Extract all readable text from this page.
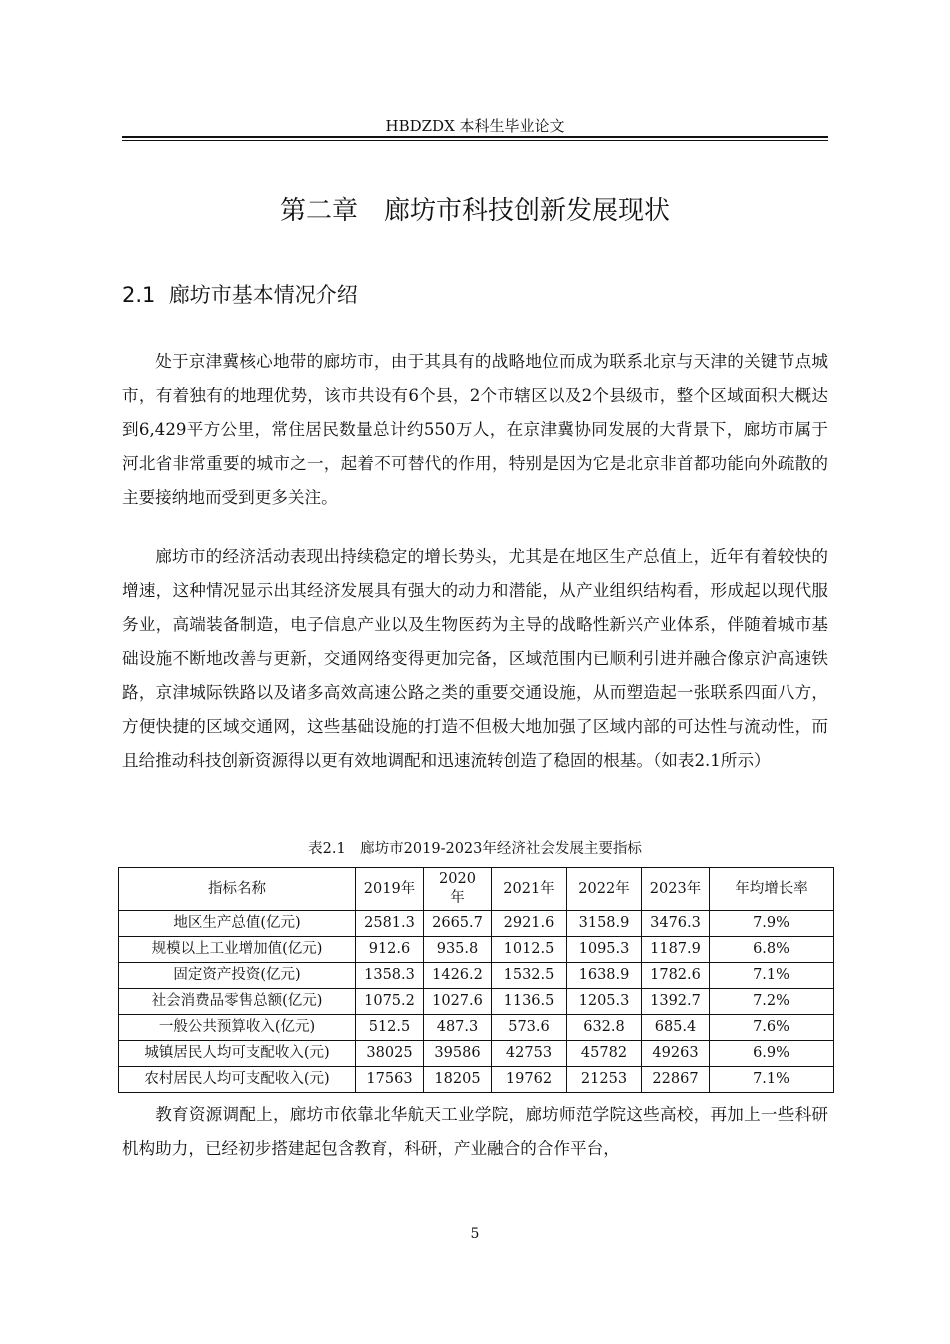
HBDZDX 本科生毕业论文
第二章　廊坊市科技创新发展现状
2.1  廊坊市基本情况介绍

处于京津冀核心地带的廊坊市，由于其具有的战略地位而成为联系北京与天津的关键节点城市，有着独有的地理优势，该市共设有6个县，2个市辖区以及2个县级市，整个区域面积大概达到6,429平方公里，常住居民数量总计约550万人，在京津冀协同发展的大背景下，廊坊市属于河北省非常重要的城市之一，起着不可替代的作用，特别是因为它是北京非首都功能向外疏散的主要接纳地而受到更多关注。

廊坊市的经济活动表现出持续稳定的增长势头，尤其是在地区生产总值上，近年有着较快的增速，这种情况显示出其经济发展具有强大的动力和潜能，从产业组织结构看，形成起以现代服务业，高端装备制造，电子信息产业以及生物医药为主导的战略性新兴产业体系，伴随着城市基础设施不断地改善与更新，交通网络变得更加完备，区域范围内已顺利引进并融合像京沪高速铁路，京津城际铁路以及诸多高效高速公路之类的重要交通设施，从而塑造起一张联系四面八方，方便快捷的区域交通网，这些基础设施的打造不但极大地加强了区域内部的可达性与流动性，而且给推动科技创新资源得以更有效地调配和迅速流转创造了稳固的根基。（如表2.1所示）

表2.1　廊坊市2019-2023年经济社会发展主要指标
指标名称	2019年	2020年	2021年	2022年	2023年	年均增长率
地区生产总值(亿元)	2581.3	2665.7	2921.6	3158.9	3476.3	7.9%
规模以上工业增加值(亿元)	912.6	935.8	1012.5	1095.3	1187.9	6.8%
固定资产投资(亿元)	1358.3	1426.2	1532.5	1638.9	1782.6	7.1%
社会消费品零售总额(亿元)	1075.2	1027.6	1136.5	1205.3	1392.7	7.2%
一般公共预算收入(亿元)	512.5	487.3	573.6	632.8	685.4	7.6%
城镇居民人均可支配收入(元)	38025	39586	42753	45782	49263	6.9%
农村居民人均可支配收入(元)	17563	18205	19762	21253	22867	7.1%

教育资源调配上，廊坊市依靠北华航天工业学院，廊坊师范学院这些高校，再加上一些科研机构助力，已经初步搭建起包含教育，科研，产业融合的合作平台，

5
